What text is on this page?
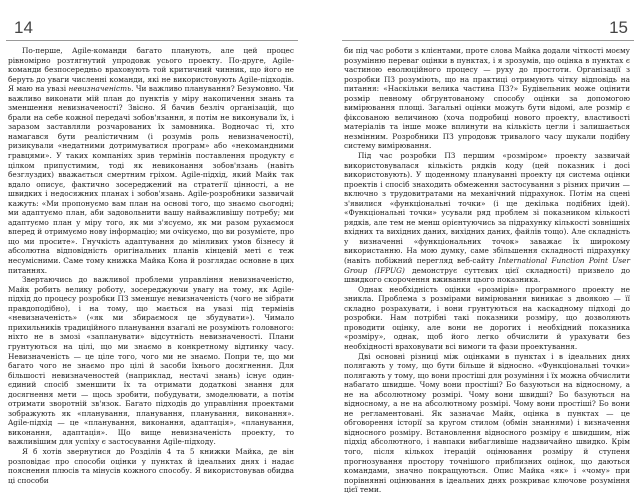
14	15

По-перше, Agile-команди багато планують, але цей процес рівномірно розтягнутий упродовж усього проекту. По-друге, Agile-команди безпосередньо враховують той критичний чинник, що його не беруть до уваги численні команди, які не використовують Agile-підходів. Я маю на увазі невизначеність. Чи важливо планування? Безумовно. Чи важливо виконати мій план до пунктів у міру накопичення знань та зменшення невизначеності? Звісно. Я бачив безліч організацій, що брали на себе кожної передачі зобов'язання, я потім не виконували їх, і заразом заставляли розчарованих їх замовника. Водночас ті, хто намагався бути реалістичним (і розумів роль невизначеності), ризикували «недатними дотримуватися програм» або «некомандними гравцями». У таких компаніях зрив термінів поставлення продукту є цілком припустимим, тоді як невиконання зобов'язань (навіть безглуздих) вважається смертним гріхом. Agile-підхід, який Майк так вдало описує, фактично зосереджений на стратегії цінності, а не швидких і недосяжних планах і зобов'язань. Agile-розробники зазвичай кажуть: «Ми пропонуємо вам план на основі того, що знаємо сьогодні; ми адаптуємо план, аби задовольнити вашу найважливішу потребу; ми адаптуємо план у міру того, як ми з'ясуємо, як ми разом рухаємося вперед й отримуємо нову інформацію; ми очікуємо, що ви розумієте, про що ми просите». Гнучкість адаптування до мінливих умов бізнесу й абсолютна відповідність оригінальних планів кінцевій меті є теж несумісними. Саме тому книжка Майка Кона й розглядає основне в цих питаннях.

Звертаючись до важливої проблеми управління невизначеністю, Майк робить велику роботу, зосереджуючи увагу на тому, як Agile-підхід до процесу розробки ПЗ зменшує невизначеність (чого не зібрати правдоподібно), і на тому, що мається на увазі під термінів «невизначеність» («як ми збираємося це збудувати»). Чимало прихильників традиційного планування взагалі не розуміють головного: ніхто не в змозі «запланувати» відсутність невизначеності. Плани грунтуються на цілі, що ми знаємо в конкретному відтинку часу. Невизначеність — це ціле того, чого ми не знаємо. Попри те, що ми багато чого не знаємо про цілі й засоби їхнього досягнення. Для більшості невизначеностей (наприклад, нестачі знань) існує один-єдиний спосіб зменшити їх та отримати додаткові знання для досягнення мети — щось зробити, побудувати, змоделювати, а потім отримати зворотній зв'язок. Багато підходів до управління проектами зображують як «планування, планування, планування, виконання». Agile-підхід — це «планування, виконання, адаптація», «планування, виконання, адаптація». Що вище невизначеність проекту, то важливішим для успіху є застосування Agile-підходу.

Я б хотів звернутися до Розділів 4 та 5 книжки Майка, де він розповідає про способи оцінки у пунктах й ідеальних днях і надає пояснення плюсів та мінусів кожного способу. Я використовував обидва ці способи

би під час роботи з клієнтами, проте слова Майка додали чіткості моєму розумінню переваг оцінки в пунктах, і я зрозумів, що оцінка в пунктах є частиною еволюційного процесу — руху до простоти. Організації з розробки ПЗ розуміють, що на практиці отримують чітку відповідь на питання: «Наскільки велика частина ПЗ?» Будівельник може оцінити розмір певному обгрунтованому способу оцінки за допомогою вимірювання площі. Загальні оцінки можуть бути відомі, але розмір є фіксованою величиною (хоча подробиці нового проекту, властивості матеріалів та інше може вплинути на кількість цегли і залишається незмінним. Розробники ПЗ упродовж тривалого часу шукали подібну систему вимірювання.

Під час розробки ПЗ першим «розміром» проекту зазвичай використовувалася кількість рядків коду (цей показник і досі використовують). У щоденному плануванні проекту ця система оцінки проектів і спосіб знаходить обмеження застосування з різних причин — включно з трудовитратами на механічний підрахунок. Потім на сцені з'явилися «функціональні точки» (і ще декілька подібних ідей). «Функціональні точки» усували ряд проблем зі показником кількості рядків, але тем не менш орієнтуючись за підрахунку кількості зовнішніх вхідних та вихідних даних, вихідних даних, файлів тощо). Але складність у визначенні «функціональних точок» заважає їх широкому використанню. На мою думку, саме збільшення складності підрахунку (навіть побіжний перегляд веб-сайту International Function Point User Group (IFPUG) демонструє суттєвих цієї складності) призвело до швидкого скорочення вживання цього показника.

Однак необхідність оцінки «розмірів» програмного проекту не зникла. Проблема з розмірами вимірювання виникає з двоякою — її складно розрахувати, і вони грунтуються на каскадному підході до розробки. Нам потрібні такі показники розміру, що дозволяють проводити оцінку, але вони не дорогих і необхідний показника «розміру», однак, щоб його легко обчислити й урахувати без необхідності враховувати всі вимоги та фази проектування.

Дві основні різниці між оцінками в пунктах і в ідеальних днях полягають у тому, що бути більше й відносно. «Функціональні точки» полягають у тому, що вони простіші для розуміння і їх можна обчислити набагато швидше. Чому вони простіші? Бо базуються на відносному, а не на абсолютному розмірі. Чому вони швидші? Бо базуються на відносному, а не на абсолютному розмірі. Чому вони простіші? Бо вони не регламентовані. Як зазначає Майк, оцінка в пунктах — це обговорення історії за кругом стилом (обмін знаннями) і визначення відносного розміру. Встановлення відносного розміру є швидшим, ніж підхід абсолютного, і навпаки вибагливіше надзвичайно швидко. Крім того, після кількох ітерацій оцінювання розміру й ступеня прогнозування простору точнішого приблизних оцінок, що даються командами, значно покращуються. Опис Майка «як» і «чому» при порівнянні оцінювання в ідеальних днях розкриває ключове розуміння цієї теми.
